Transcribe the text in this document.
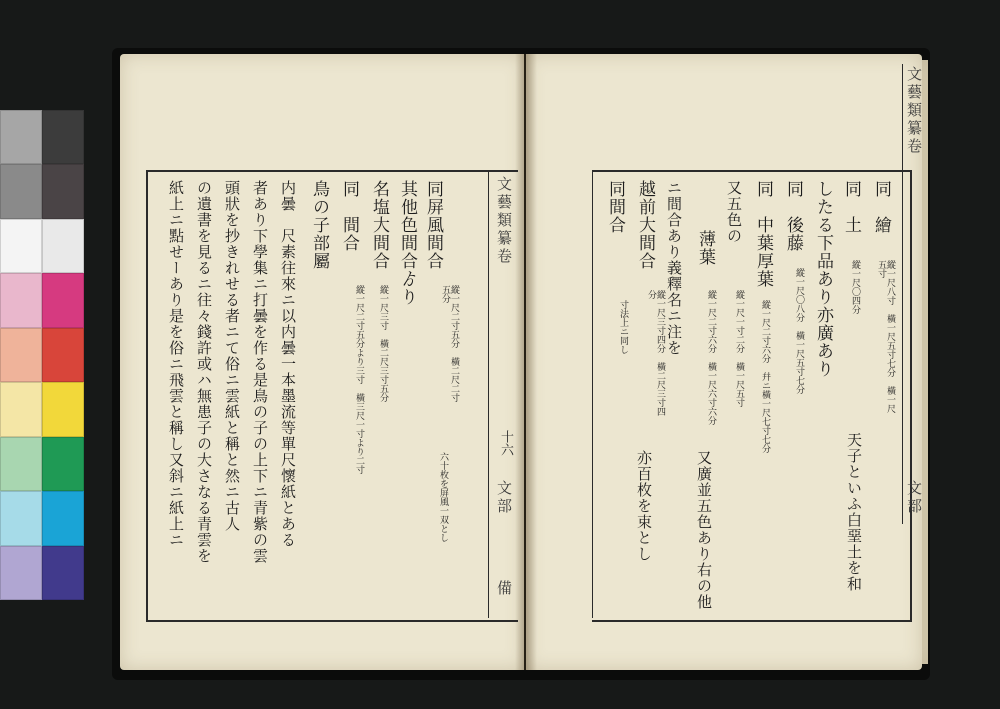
文藝類纂卷
十六
文部
備
同屏風間合
縱一尺二寸五分　橫二尺二寸五分
六十枚を屏風一双とし
其他色間合ゟり
名塩大間合
縱一尺三寸　橫二尺三寸五分
同　間合
縱一尺二寸五分より三寸　橫三尺一寸より二寸
鳥の子部屬
内曇　尺素往來ニ以内曇一本墨流等單尺懷紙とある
者あり下學集ニ打曇を作る是鳥の子の上下ニ青紫の雲
頭狀を抄きれせる者ニて俗ニ雲紙と稱と然ニ古人
の遺書を見るニ往々錢許或ハ無患子の大さなる青雲を
紙上ニ點せーあり是を俗ニ飛雲と稱し又斜ニ紙上ニ
文藝類纂卷
文部
同　繪
縱一尺八寸　橫一尺五寸七分　橫一尺五寸
同　土
縱一尺〇四分
天子といふ白堊土を和
したる下品あり亦廣あり
同　後藤
縱一尺〇八分　橫一尺五寸七分
同　中葉厚葉
縱一尺二寸六分　幷ニ橫一尺七寸七分
又五色の
縱一尺一寸二分　橫一尺五寸
薄葉
縱一尺二寸六分　橫一尺六寸六分
又廣並五色あり右の他
ニ間合あり義釋名ニ注を
越前大間合
縱一尺三寸四分　橫二尺三寸四分
亦百枚を束とし
同間合
寸法上ニ同し
